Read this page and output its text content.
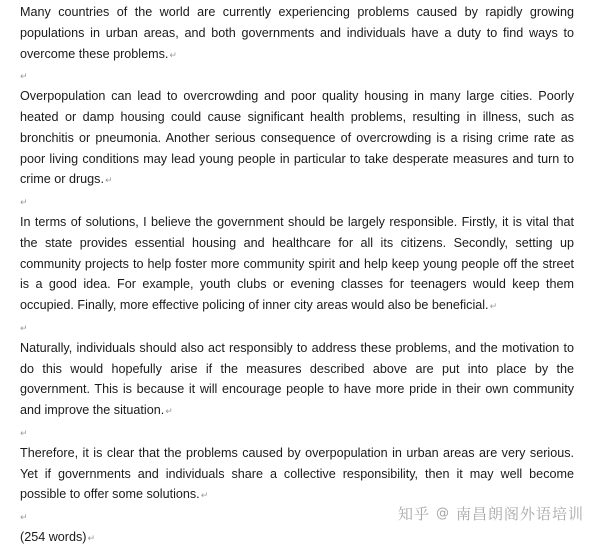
Many countries of the world are currently experiencing problems caused by rapidly growing populations in urban areas, and both governments and individuals have a duty to find ways to overcome these problems.↵

↵

Overpopulation can lead to overcrowding and poor quality housing in many large cities. Poorly heated or damp housing could cause significant health problems, resulting in illness, such as bronchitis or pneumonia. Another serious consequence of overcrowding is a rising crime rate as poor living conditions may lead young people in particular to take desperate measures and turn to crime or drugs.↵

↵

In terms of solutions, I believe the government should be largely responsible. Firstly, it is vital that the state provides essential housing and healthcare for all its citizens. Secondly, setting up community projects to help foster more community spirit and help keep young people off the street is a good idea. For example, youth clubs or evening classes for teenagers would keep them occupied. Finally, more effective policing of inner city areas would also be beneficial.↵

↵

Naturally, individuals should also act responsibly to address these problems, and the motivation to do this would hopefully arise if the measures described above are put into place by the government. This is because it will encourage people to have more pride in their own community and improve the situation.↵

↵

Therefore, it is clear that the problems caused by overpopulation in urban areas are very serious. Yet if governments and individuals share a collective responsibility, then it may well become possible to offer some solutions.↵

↵

(254 words)↵

知乎 @ 南昌朗阁外语培训
